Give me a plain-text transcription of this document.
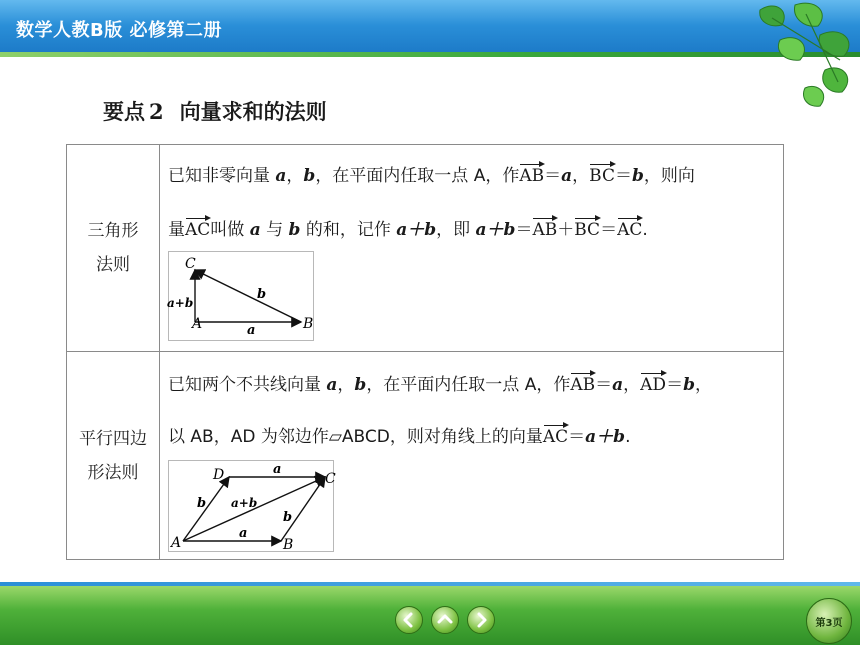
数学人教B版 必修第二册
要点 2 向量求和的法则
三角形
法则
已知非零向量 a，b，在平面内任取一点 A，作AB＝a，BC＝b，则向
量AC叫做 a 与 b 的和，记作 a＋b，即 a＋b＝AB＋BC＝AC.
C
A	B
a
b
a+b
平行四边
形法则
已知两个不共线向量 a，b，在平面内任取一点 A，作AB＝a，AD＝b，
以 AB，AD 为邻边作▱ABCD，则对角线上的向量AC＝a＋b.
D	C
A	B
a
a
b
b
a+b
第3页
